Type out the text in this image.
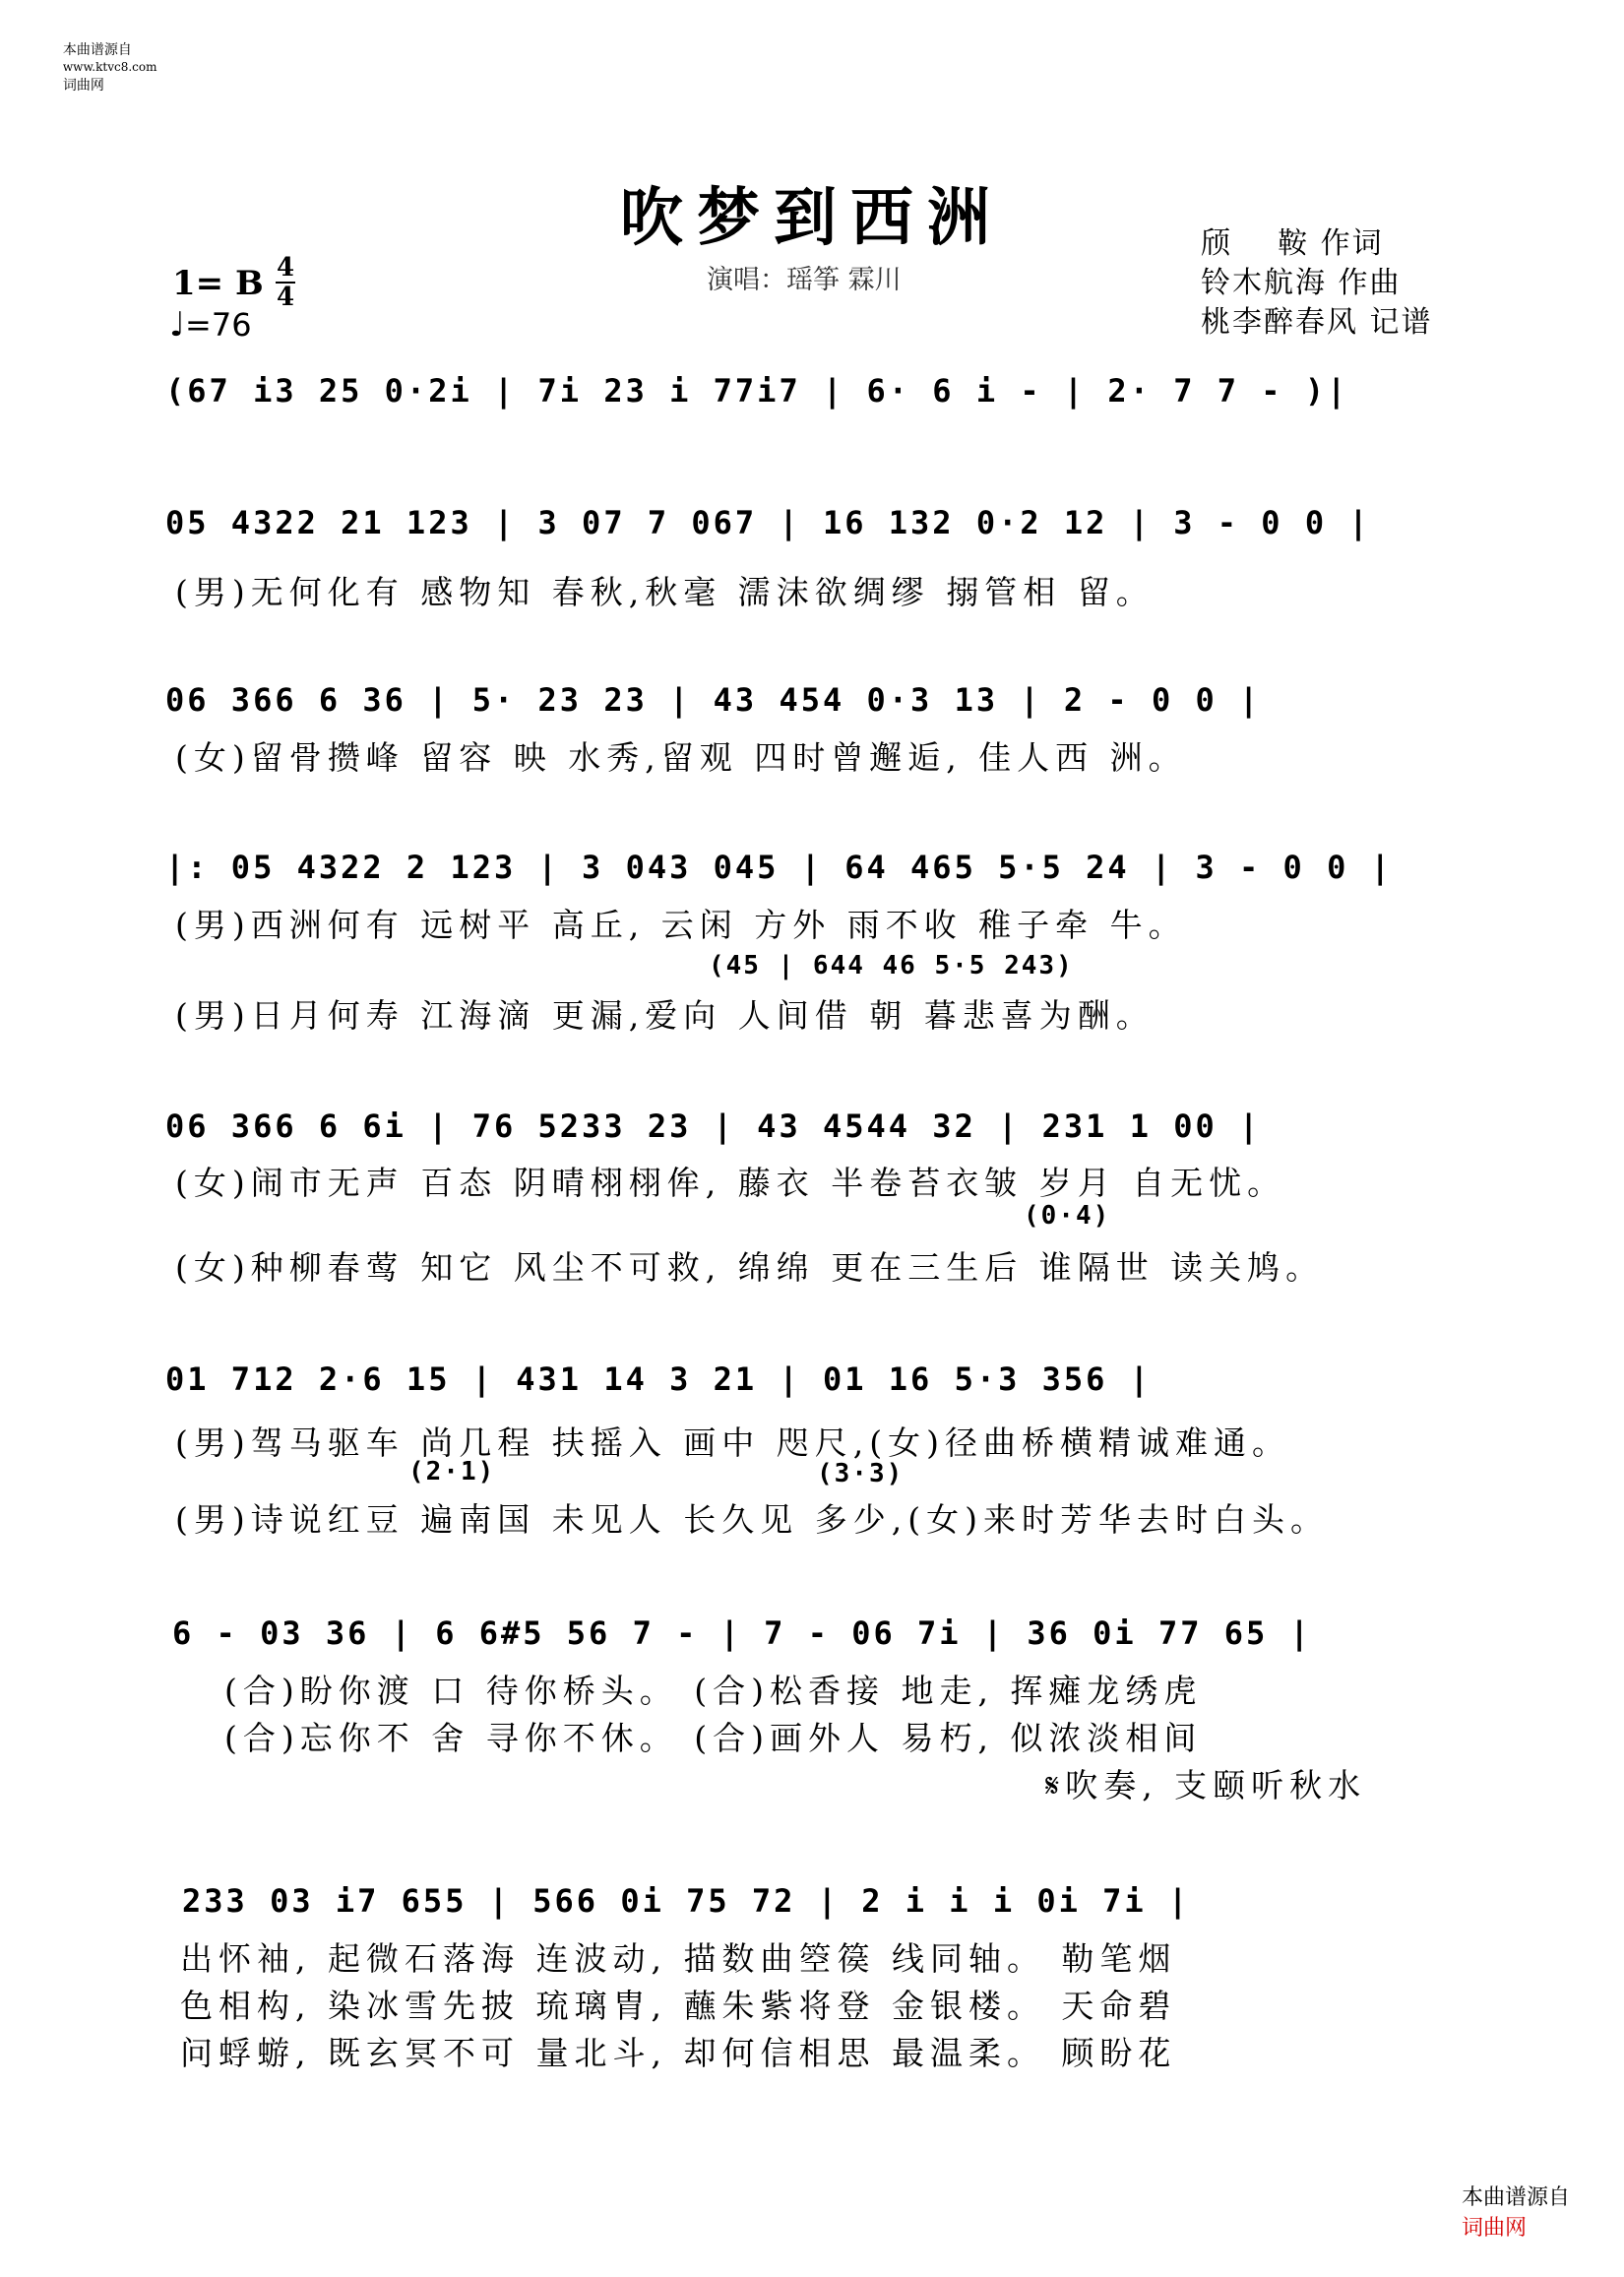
本曲谱源自
www.ktvc8.com
词曲网

吹梦到西洲
演唱：瑶筝 霖川
颀    鞍 作词
铃木航海 作曲
桃李醉春风 记谱
1= B 4
4
♩=76
(67 i3 25 0·2i | 7i 23 i 77i7 | 6· 6 i - | 2· 7 7 - )|
05 4322 21 123 | 3 07 7 067 | 16 132 0·2 12 | 3 - 0 0 |
(男)无何化有 感物知 春秋,秋毫 濡沫欲绸缪 搦管相 留。
06 366 6 36 | 5· 23 23 | 43 454 0·3 13 | 2 - 0 0 |
(女)留骨攒峰 留容 映 水秀,留观 四时曾邂逅, 佳人西 洲。
|: 05 4322 2 123 | 3 043 045 | 64 465 5·5 24 | 3 - 0 0 |
(男)西洲何有 远树平 高丘, 云闲 方外 雨不收 稚子牵 牛。
(45 | 644 46 5·5 243)
(男)日月何寿 江海滴 更漏,爱向 人间借 朝 暮悲喜为酬。
06 366 6 6i | 76 5233 23 | 43 4544 32 | 231 1 00 |
(女)闹市无声 百态 阴晴栩栩侔, 藤衣 半卷苔衣皱 岁月 自无忧。
(0·4)
(女)种柳春莺 知它 风尘不可救, 绵绵 更在三生后 谁隔世 读关鸠。
01 712 2·6 15 | 431 14 3 21 | 01 16 5·3 356 |
(男)驾马驱车 尚几程 扶摇入 画中 咫尺,(女)径曲桥横精诚难通。
(2·1)	(3·3)
(男)诗说红豆 遍南国 未见人 长久见 多少,(女)来时芳华去时白头。
6 - 03 36 | 6 6#5 56 7 - | 7 - 06 7i | 36 0i 77 65 |
(合)盼你渡 口 待你桥头。 (合)松香接 地走, 挥瘫龙绣虎
(合)忘你不 舍 寻你不休。 (合)画外人 易朽, 似浓淡相间
𝄋吹奏, 支颐听秋水
233 03 i7 655 | 566 0i 75 72 | 2 i i i 0i 7i |
出怀袖, 起微石落海 连波动, 描数曲箜篌 线同轴。 勒笔烟
色相构, 染冰雪先披 琉璃胄, 蘸朱紫将登 金银楼。 天命碧
问蜉蝣, 既玄冥不可 量北斗, 却何信相思 最温柔。 顾盼花

本曲谱源自
词曲网
